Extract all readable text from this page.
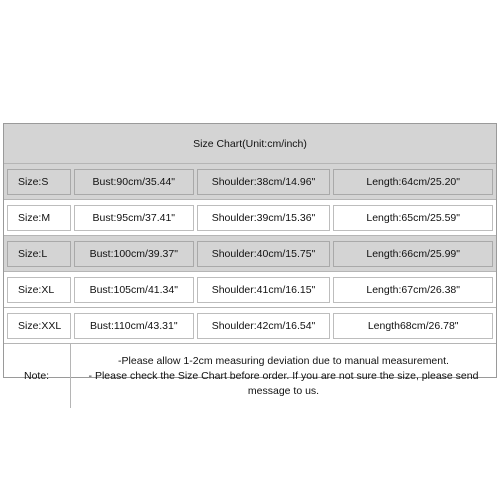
Size Chart(Unit:cm/inch)
Size:S	Bust:90cm/35.44"	Shoulder:38cm/14.96"	Length:64cm/25.20"
Size:M	Bust:95cm/37.41"	Shoulder:39cm/15.36"	Length:65cm/25.59"
Size:L	Bust:100cm/39.37"	Shoulder:40cm/15.75"	Length:66cm/25.99"
Size:XL	Bust:105cm/41.34"	Shoulder:41cm/16.15"	Length:67cm/26.38"
Size:XXL	Bust:110cm/43.31"	Shoulder:42cm/16.54"	Length68cm/26.78"
Note:
-Please allow 1-2cm measuring deviation due to manual measurement.
- Please check the Size Chart before order. If you are not sure the size, please send message to us.
